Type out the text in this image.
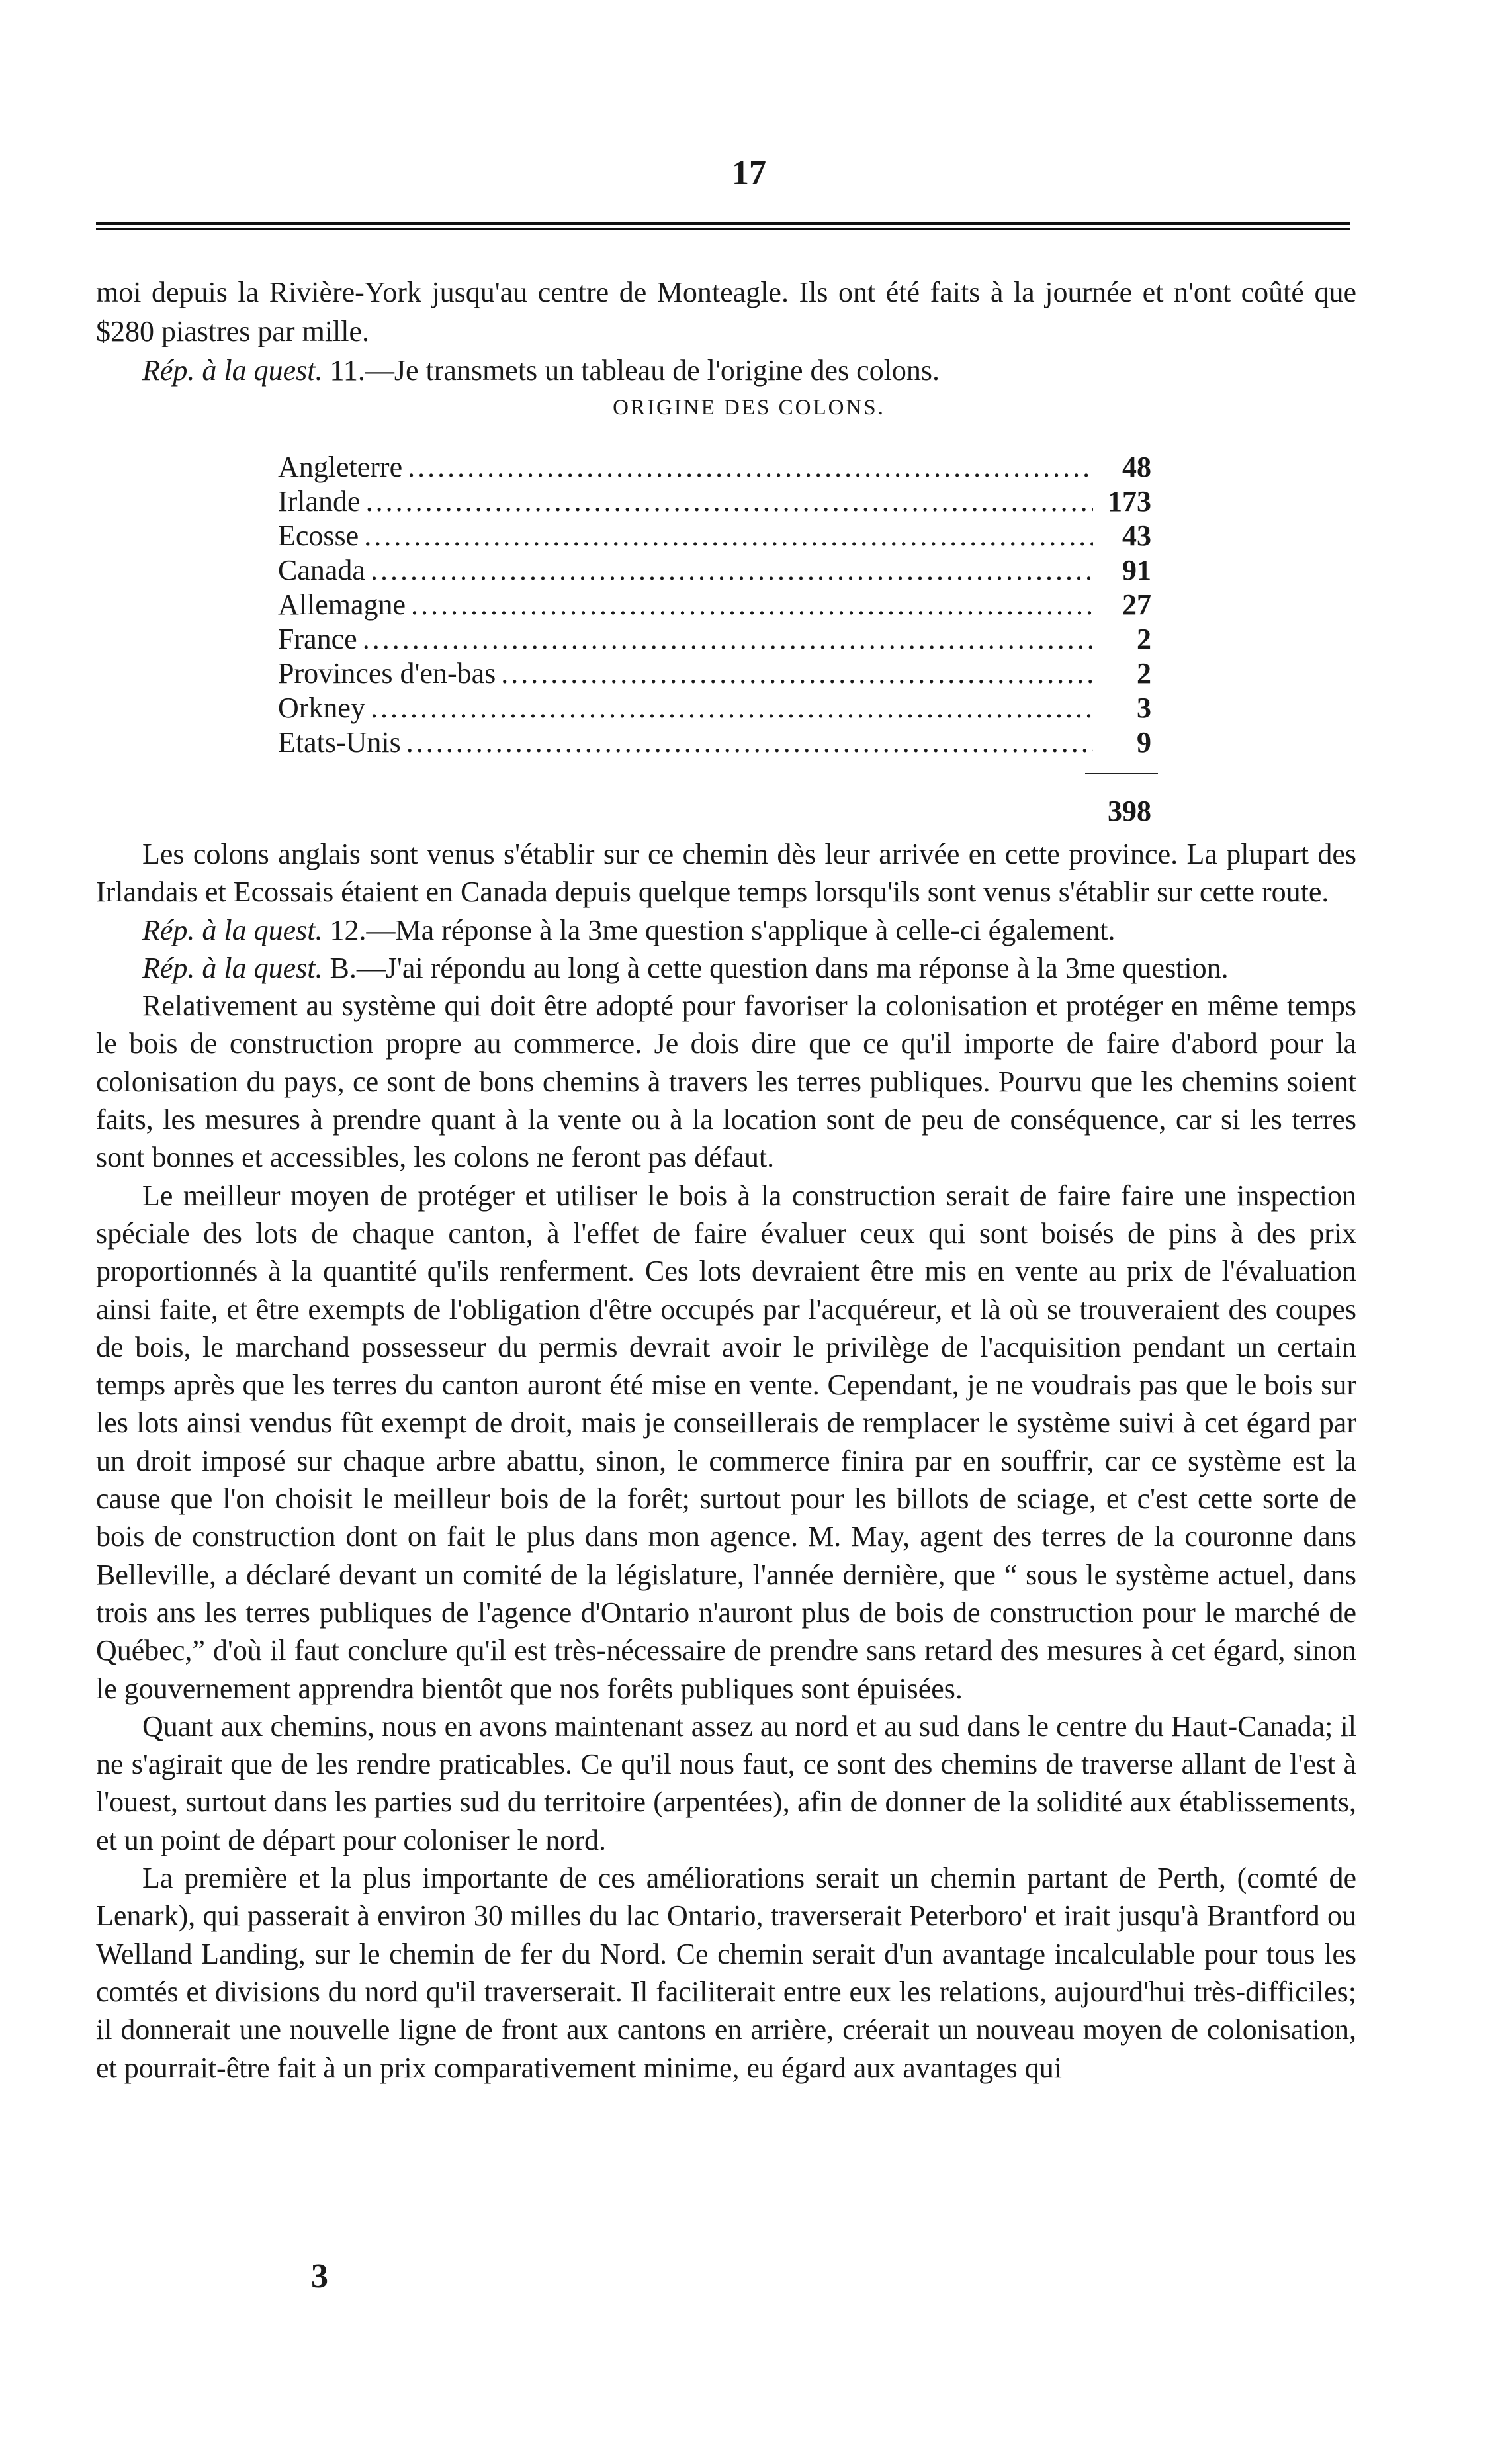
17

moi depuis la Rivière-York jusqu'au centre de Monteagle. Ils ont été faits à la journée et n'ont coûté que $280 piastres par mille.

Rép. à la quest. 11.—Je transmets un tableau de l'origine des colons.

ORIGINE DES COLONS.
Angleterre .....	48
Irlande .....	173
Ecosse .....	43
Canada .....	91
Allemagne .....	27
France .....	2
Provinces d'en-bas .....	2
Orkney .....	3
Etats-Unis .....	9
398

Les colons anglais sont venus s'établir sur ce chemin dès leur arrivée en cette province. La plupart des Irlandais et Ecossais étaient en Canada depuis quelque temps lorsqu'ils sont venus s'établir sur cette route.

Rép. à la quest. 12.—Ma réponse à la 3me question s'applique à celle-ci également.

Rép. à la quest. B.—J'ai répondu au long à cette question dans ma réponse à la 3me question.

Relativement au système qui doit être adopté pour favoriser la colonisation et protéger en même temps le bois de construction propre au commerce. Je dois dire que ce qu'il importe de faire d'abord pour la colonisation du pays, ce sont de bons chemins à travers les terres publiques. Pourvu que les chemins soient faits, les mesures à prendre quant à la vente ou à la location sont de peu de conséquence, car si les terres sont bonnes et accessibles, les colons ne feront pas défaut.

Le meilleur moyen de protéger et utiliser le bois à la construction serait de faire faire une inspection spéciale des lots de chaque canton, à l'effet de faire évaluer ceux qui sont boisés de pins à des prix proportionnés à la quantité qu'ils renferment. Ces lots devraient être mis en vente au prix de l'évaluation ainsi faite, et être exempts de l'obligation d'être occupés par l'acquéreur, et là où se trouveraient des coupes de bois, le marchand possesseur du permis devrait avoir le privilège de l'acquisition pendant un certain temps après que les terres du canton auront été mise en vente. Cependant, je ne voudrais pas que le bois sur les lots ainsi vendus fût exempt de droit, mais je conseillerais de remplacer le système suivi à cet égard par un droit imposé sur chaque arbre abattu, sinon, le commerce finira par en souffrir, car ce système est la cause que l'on choisit le meilleur bois de la forêt; surtout pour les billots de sciage, et c'est cette sorte de bois de construction dont on fait le plus dans mon agence. M. May, agent des terres de la couronne dans Belleville, a déclaré devant un comité de la législature, l'année dernière, que “ sous le système actuel, dans trois ans les terres publiques de l'agence d'Ontario n'auront plus de bois de construction pour le marché de Québec,” d'où il faut conclure qu'il est très-nécessaire de prendre sans retard des mesures à cet égard, sinon le gouvernement apprendra bientôt que nos forêts publiques sont épuisées.

Quant aux chemins, nous en avons maintenant assez au nord et au sud dans le centre du Haut-Canada; il ne s'agirait que de les rendre praticables. Ce qu'il nous faut, ce sont des chemins de traverse allant de l'est à l'ouest, surtout dans les parties sud du territoire (arpentées), afin de donner de la solidité aux établissements, et un point de départ pour coloniser le nord.

La première et la plus importante de ces améliorations serait un chemin partant de Perth, (comté de Lenark), qui passerait à environ 30 milles du lac Ontario, traverserait Peterboro' et irait jusqu'à Brantford ou Welland Landing, sur le chemin de fer du Nord. Ce chemin serait d'un avantage incalculable pour tous les comtés et divisions du nord qu'il traverserait. Il faciliterait entre eux les relations, aujourd'hui très-difficiles; il donnerait une nouvelle ligne de front aux cantons en arrière, créerait un nouveau moyen de colonisation, et pourrait-être fait à un prix comparativement minime, eu égard aux avantages qui

3
